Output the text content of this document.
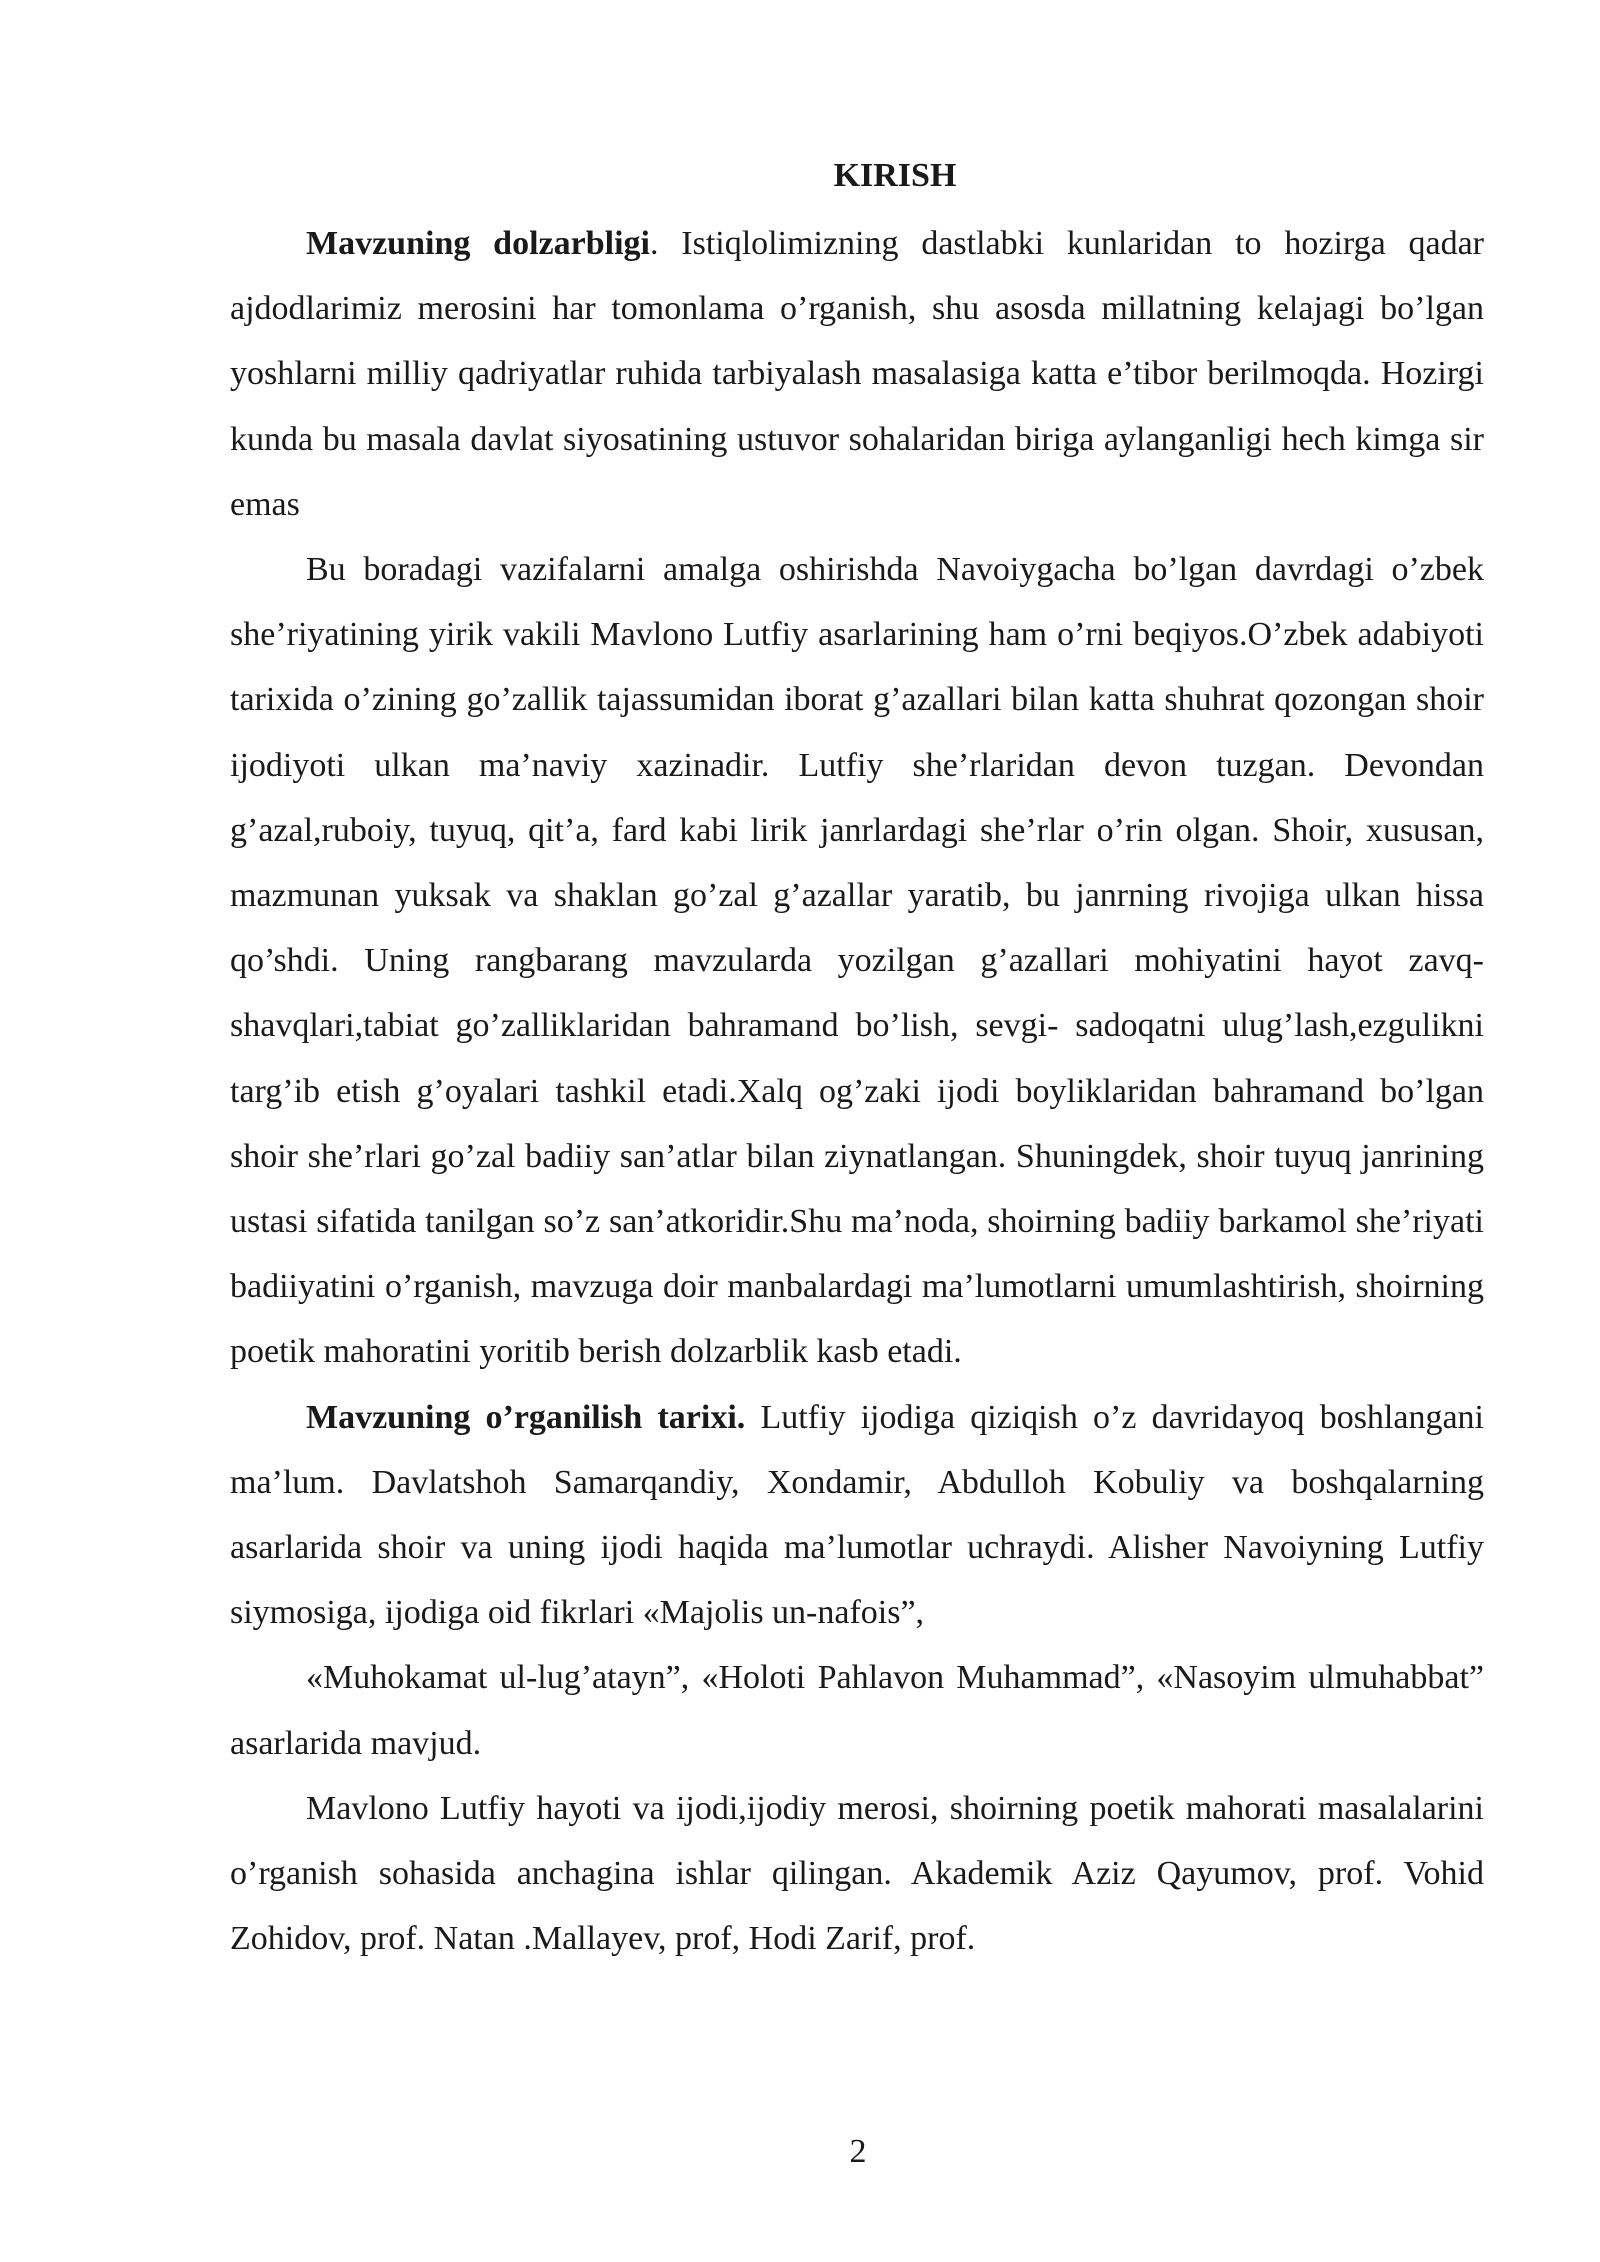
KIRISH

Mavzuning dolzarbligi. Istiqlolimizning dastlabki kunlaridan to hozirga qadar ajdodlarimiz merosini har tomonlama o’rganish, shu asosda millatning kelajagi bo’lgan yoshlarni milliy qadriyatlar ruhida tarbiyalash masalasiga katta e’tibor berilmoqda. Hozirgi kunda bu masala davlat siyosatining ustuvor sohalaridan biriga aylanganligi hech kimga sir emas

Bu boradagi vazifalarni amalga oshirishda Navoiygacha bo’lgan davrdagi o’zbek she’riyatining yirik vakili Mavlono Lutfiy asarlarining ham o’rni beqiyos.O’zbek adabiyoti tarixida o’zining go’zallik tajassumidan iborat g’azallari bilan katta shuhrat qozongan shoir ijodiyoti ulkan ma’naviy xazinadir. Lutfiy she’rlaridan devon tuzgan. Devondan g’azal,ruboiy, tuyuq, qit’a, fard kabi lirik janrlardagi she’rlar o’rin olgan. Shoir, xususan, mazmunan yuksak va shaklan go’zal g’azallar yaratib, bu janrning rivojiga ulkan hissa qo’shdi. Uning rangbarang mavzularda yozilgan g’azallari mohiyatini hayot zavq- shavqlari,tabiat go’zalliklaridan bahramand bo’lish, sevgi- sadoqatni ulug’lash,ezgulikni targ’ib etish g’oyalari tashkil etadi.Xalq og’zaki ijodi boyliklaridan bahramand bo’lgan shoir she’rlari go’zal badiiy san’atlar bilan ziynatlangan. Shuningdek, shoir tuyuq janrining ustasi sifatida tanilgan so’z san’atkoridir.Shu ma’noda, shoirning badiiy barkamol she’riyati badiiyatini o’rganish, mavzuga doir manbalardagi ma’lumotlarni umumlashtirish, shoirning poetik mahoratini yoritib berish dolzarblik kasb etadi.

Mavzuning o’rganilish tarixi. Lutfiy ijodiga qiziqish o’z davridayoq boshlangani ma’lum. Davlatshoh Samarqandiy, Xondamir, Abdulloh Kobuliy va boshqalarning asarlarida shoir va uning ijodi haqida ma’lumotlar uchraydi. Alisher Navoiyning Lutfiy siymosiga, ijodiga oid fikrlari «Majolis un-nafois”,

«Muhokamat ul-lug’atayn”, «Holoti Pahlavon Muhammad”, «Nasoyim ulmuhabbat” asarlarida mavjud.

Mavlono Lutfiy hayoti va ijodi,ijodiy merosi, shoirning poetik mahorati masalalarini o’rganish sohasida anchagina ishlar qilingan. Akademik Aziz Qayumov, prof. Vohid Zohidov, prof. Natan .Mallayev, prof, Hodi Zarif, prof.

2
